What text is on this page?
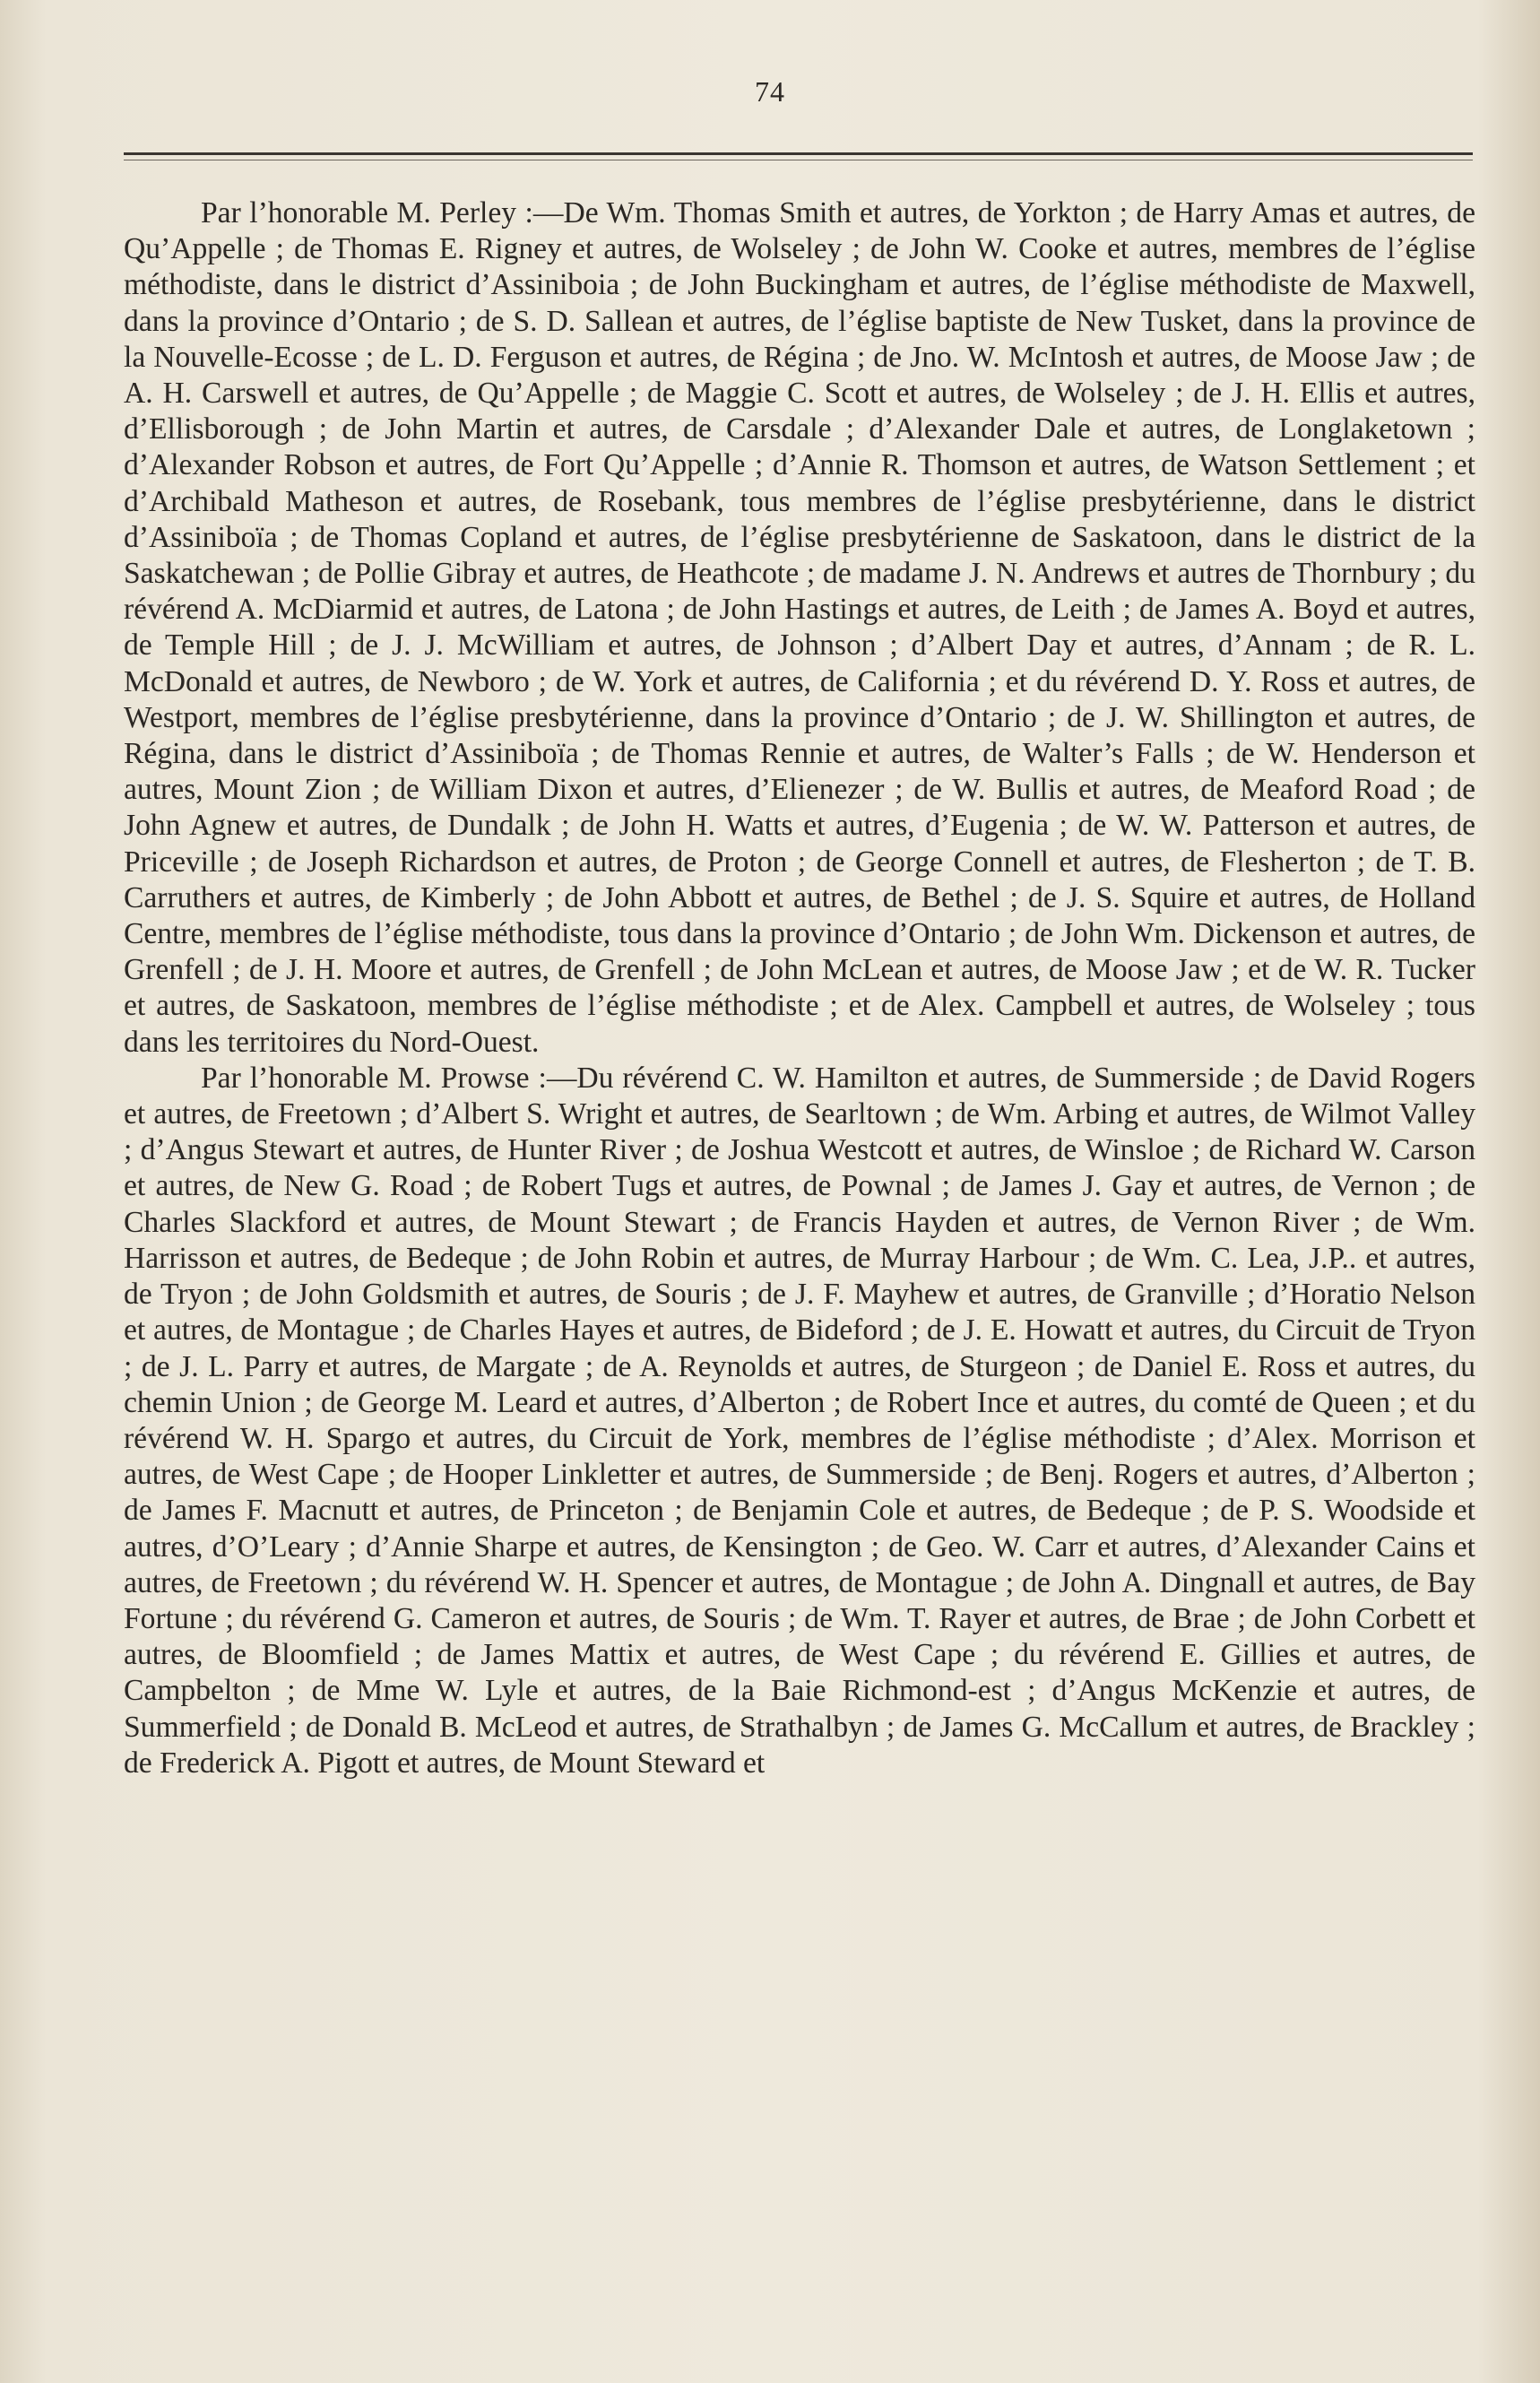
74

Par l’honorable M. Perley :—De Wm. Thomas Smith et autres, de Yorkton ; de Harry Amas et autres, de Qu’Appelle ; de Thomas E. Rigney et autres, de Wolseley ; de John W. Cooke et autres, membres de l’église méthodiste, dans le district d’Assiniboia ; de John Buckingham et autres, de l’église méthodiste de Maxwell, dans la province d’Ontario ; de S. D. Sallean et autres, de l’église baptiste de New Tusket, dans la province de la Nouvelle-Ecosse ; de L. D. Ferguson et autres, de Régina ; de Jno. W. McIntosh et autres, de Moose Jaw ; de A. H. Carswell et autres, de Qu’Appelle ; de Maggie C. Scott et autres, de Wolseley ; de J. H. Ellis et autres, d’Ellisborough ; de John Martin et autres, de Carsdale ; d’Alexander Dale et autres, de Longlaketown ; d’Alexander Robson et autres, de Fort Qu’Appelle ; d’Annie R. Thomson et autres, de Watson Settlement ; et d’Archibald Matheson et autres, de Rosebank, tous membres de l’église presbytérienne, dans le district d’Assiniboïa ; de Thomas Copland et autres, de l’église presbytérienne de Saskatoon, dans le district de la Saskatchewan ; de Pollie Gibray et autres, de Heathcote ; de madame J. N. Andrews et autres de Thornbury ; du révérend A. McDiarmid et autres, de Latona ; de John Hastings et autres, de Leith ; de James A. Boyd et autres, de Temple Hill ; de J. J. McWilliam et autres, de Johnson ; d’Albert Day et autres, d’Annam ; de R. L. McDonald et autres, de Newboro ; de W. York et autres, de California ; et du révérend D. Y. Ross et autres, de Westport, membres de l’église presbytérienne, dans la province d’Ontario ; de J. W. Shillington et autres, de Régina, dans le district d’Assiniboïa ; de Thomas Rennie et autres, de Walter’s Falls ; de W. Henderson et autres, Mount Zion ; de William Dixon et autres, d’Elienezer ; de W. Bullis et autres, de Meaford Road ; de John Agnew et autres, de Dundalk ; de John H. Watts et autres, d’Eugenia ; de W. W. Patterson et autres, de Priceville ; de Joseph Richardson et autres, de Proton ; de George Connell et autres, de Flesherton ; de T. B. Carruthers et autres, de Kimberly ; de John Abbott et autres, de Bethel ; de J. S. Squire et autres, de Holland Centre, membres de l’église méthodiste, tous dans la province d’Ontario ; de John Wm. Dickenson et autres, de Grenfell ; de J. H. Moore et autres, de Grenfell ; de John McLean et autres, de Moose Jaw ; et de W. R. Tucker et autres, de Saskatoon, membres de l’église méthodiste ; et de Alex. Campbell et autres, de Wolseley ; tous dans les territoires du Nord-Ouest.

Par l’honorable M. Prowse :—Du révérend C. W. Hamilton et autres, de Summerside ; de David Rogers et autres, de Freetown ; d’Albert S. Wright et autres, de Searltown ; de Wm. Arbing et autres, de Wilmot Valley ; d’Angus Stewart et autres, de Hunter River ; de Joshua Westcott et autres, de Winsloe ; de Richard W. Carson et autres, de New G. Road ; de Robert Tugs et autres, de Pownal ; de James J. Gay et autres, de Vernon ; de Charles Slackford et autres, de Mount Stewart ; de Francis Hayden et autres, de Vernon River ; de Wm. Harrisson et autres, de Bedeque ; de John Robin et autres, de Murray Harbour ; de Wm. C. Lea, J.P.. et autres, de Tryon ; de John Goldsmith et autres, de Souris ; de J. F. Mayhew et autres, de Granville ; d’Horatio Nelson et autres, de Montague ; de Charles Hayes et autres, de Bideford ; de J. E. Howatt et autres, du Circuit de Tryon ; de J. L. Parry et autres, de Margate ; de A. Reynolds et autres, de Sturgeon ; de Daniel E. Ross et autres, du chemin Union ; de George M. Leard et autres, d’Alberton ; de Robert Ince et autres, du comté de Queen ; et du révérend W. H. Spargo et autres, du Circuit de York, membres de l’église méthodiste ; d’Alex. Morrison et autres, de West Cape ; de Hooper Linkletter et autres, de Summerside ; de Benj. Rogers et autres, d’Alberton ; de James F. Macnutt et autres, de Princeton ; de Benjamin Cole et autres, de Bedeque ; de P. S. Woodside et autres, d’O’Leary ; d’Annie Sharpe et autres, de Kensington ; de Geo. W. Carr et autres, d’Alexander Cains et autres, de Freetown ; du révérend W. H. Spencer et autres, de Montague ; de John A. Dingnall et autres, de Bay Fortune ; du révérend G. Cameron et autres, de Souris ; de Wm. T. Rayer et autres, de Brae ; de John Corbett et autres, de Bloomfield ; de James Mattix et autres, de West Cape ; du révérend E. Gillies et autres, de Campbelton ; de Mme W. Lyle et autres, de la Baie Richmond-est ; d’Angus McKenzie et autres, de Summerfield ; de Donald B. McLeod et autres, de Strathalbyn ; de James G. McCallum et autres, de Brackley ; de Frederick A. Pigott et autres, de Mount Steward et
